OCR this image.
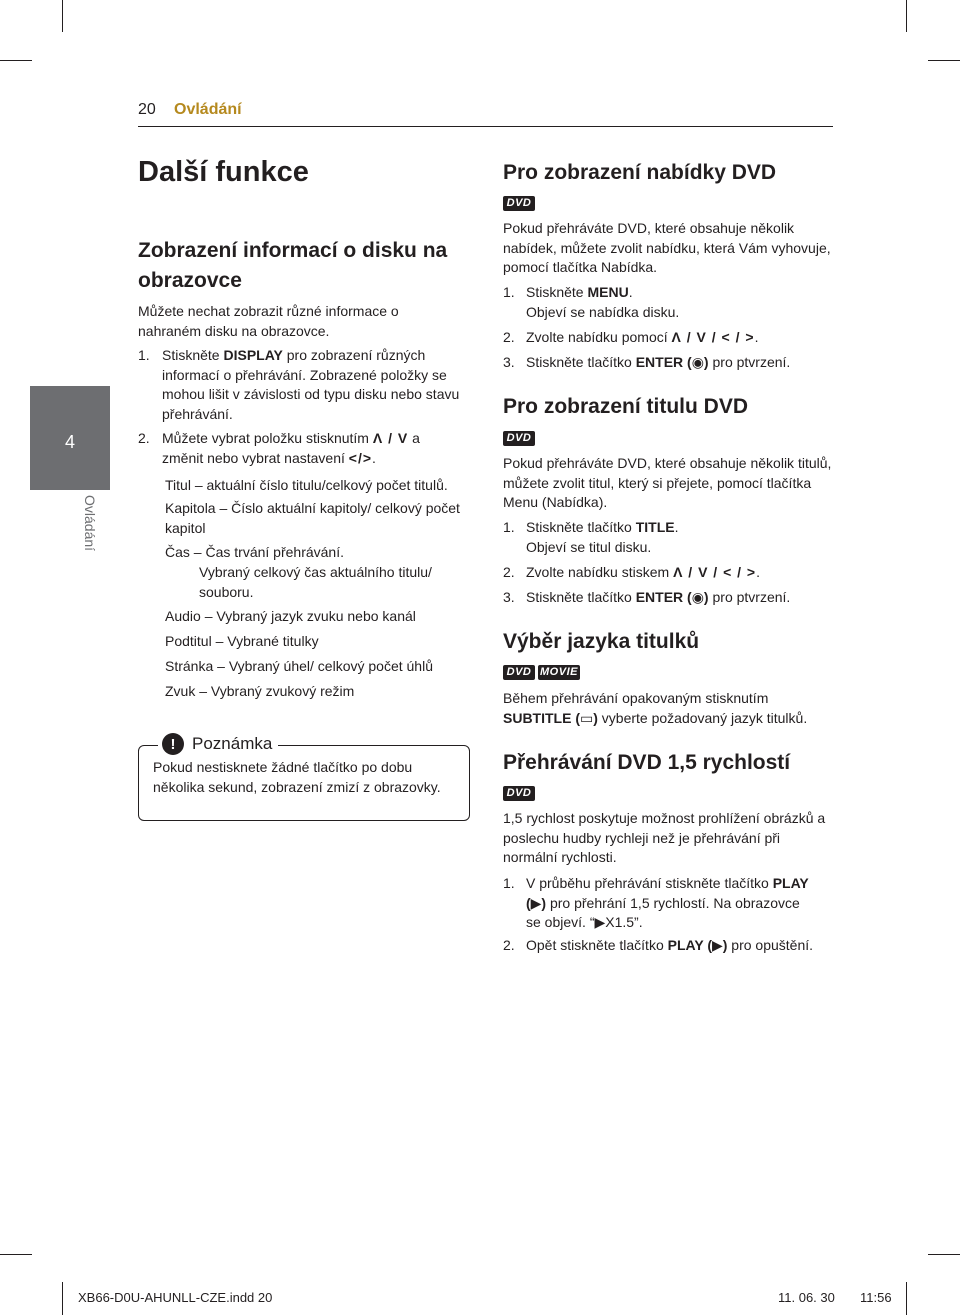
20 Ovládání
4
Ovládání
Další funkce
Zobrazení informací o disku na obrazovce
Můžete nechat zobrazit různé informace o nahraném disku na obrazovce.
1. Stiskněte DISPLAY pro zobrazení různých informací o přehrávání. Zobrazené položky se mohou lišit v závislosti od typu disku nebo stavu přehrávání.
2. Můžete vybrat položku stisknutím Λ / V a změnit nebo vybrat nastavení </>.
Titul – aktuální číslo titulu/celkový počet titulů.
Kapitola – Číslo aktuální kapitoly/ celkový počet kapitol
Čas – Čas trvání přehrávání.
Vybraný celkový čas aktuálního titulu/ souboru.
Audio – Vybraný jazyk zvuku nebo kanál
Podtitul – Vybrané titulky
Stránka – Vybraný úhel/ celkový počet úhlů
Zvuk – Vybraný zvukový režim
! Poznámka
Pokud nestisknete žádné tlačítko po dobu několika sekund, zobrazení zmizí z obrazovky.
Pro zobrazení nabídky DVD
DVD
Pokud přehráváte DVD, které obsahuje několik nabídek, můžete zvolit nabídku, která Vám vyhovuje, pomocí tlačítka Nabídka.
1. Stiskněte MENU.
Objeví se nabídka disku.
2. Zvolte nabídku pomocí Λ / V / < / >.
3. Stiskněte tlačítko ENTER (◉) pro ptvrzení.
Pro zobrazení titulu DVD
DVD
Pokud přehráváte DVD, které obsahuje několik titulů, můžete zvolit titul, který si přejete, pomocí tlačítka Menu (Nabídka).
1. Stiskněte tlačítko TITLE.
Objeví se titul disku.
2. Zvolte nabídku stiskem Λ / V / < / >.
3. Stiskněte tlačítko ENTER (◉) pro ptvrzení.
Výběr jazyka titulků
DVD MOVIE
Během přehrávání opakovaným stisknutím SUBTITLE (▭) vyberte požadovaný jazyk titulků.
Přehrávání DVD 1,5 rychlostí
DVD
1,5 rychlost poskytuje možnost prohlížení obrázků a poslechu hudby rychleji než je přehrávání při normální rychlosti.
1. V průběhu přehrávání stiskněte tlačítko PLAY (▶) pro přehrání 1,5 rychlostí. Na obrazovce se objeví. “▶X1.5”.
2. Opět stiskněte tlačítko PLAY (▶) pro opuštění.
XB66-D0U-AHUNLL-CZE.indd 20	11. 06. 30 11:56
